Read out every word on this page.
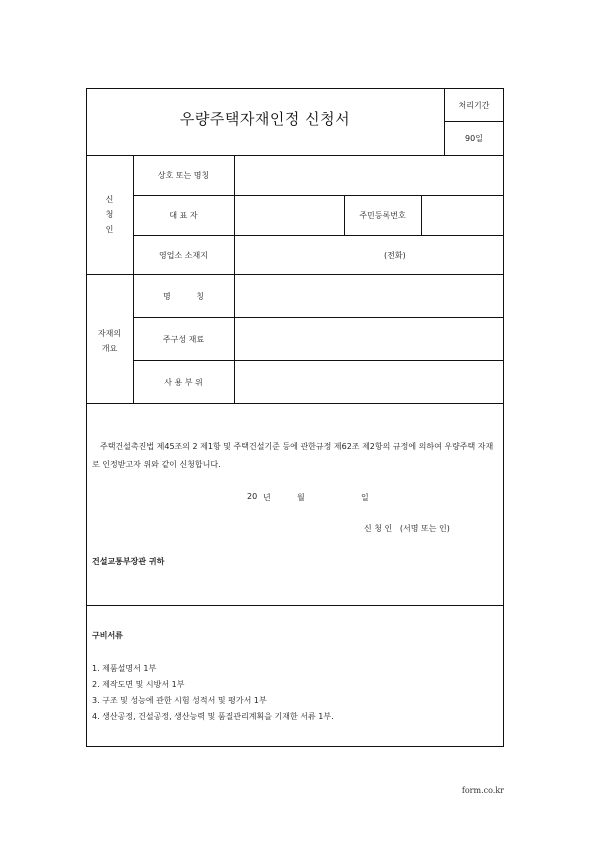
우량주택자재인정 신청서
처리기간
90일
신
청
인
상호 또는 명칭
대 표 자	주민등록번호
영업소 소재지	(전화)
자재의
개요
명          칭
주구성 재료
사 용 부 위
주택건설촉진법 제45조의 2 제1항 및 주택건설기준 등에 관한규정 제62조 제2항의 규정에 의하여 우량주택 자재로 인정받고자 위와 같이 신청합니다.
20 년	월	일
신 청 인   (서명 또는 인)
건설교통부장관 귀하
구비서류
1. 제품설명서 1부
2. 제작도면 및 시방서 1부
3. 구조 및 성능에 관한 시험 성적서 및 평가서 1부
4. 생산공정, 건설공정, 생산능력 및 품질관리계획을 기재한 서류 1부.
form.co.kr
